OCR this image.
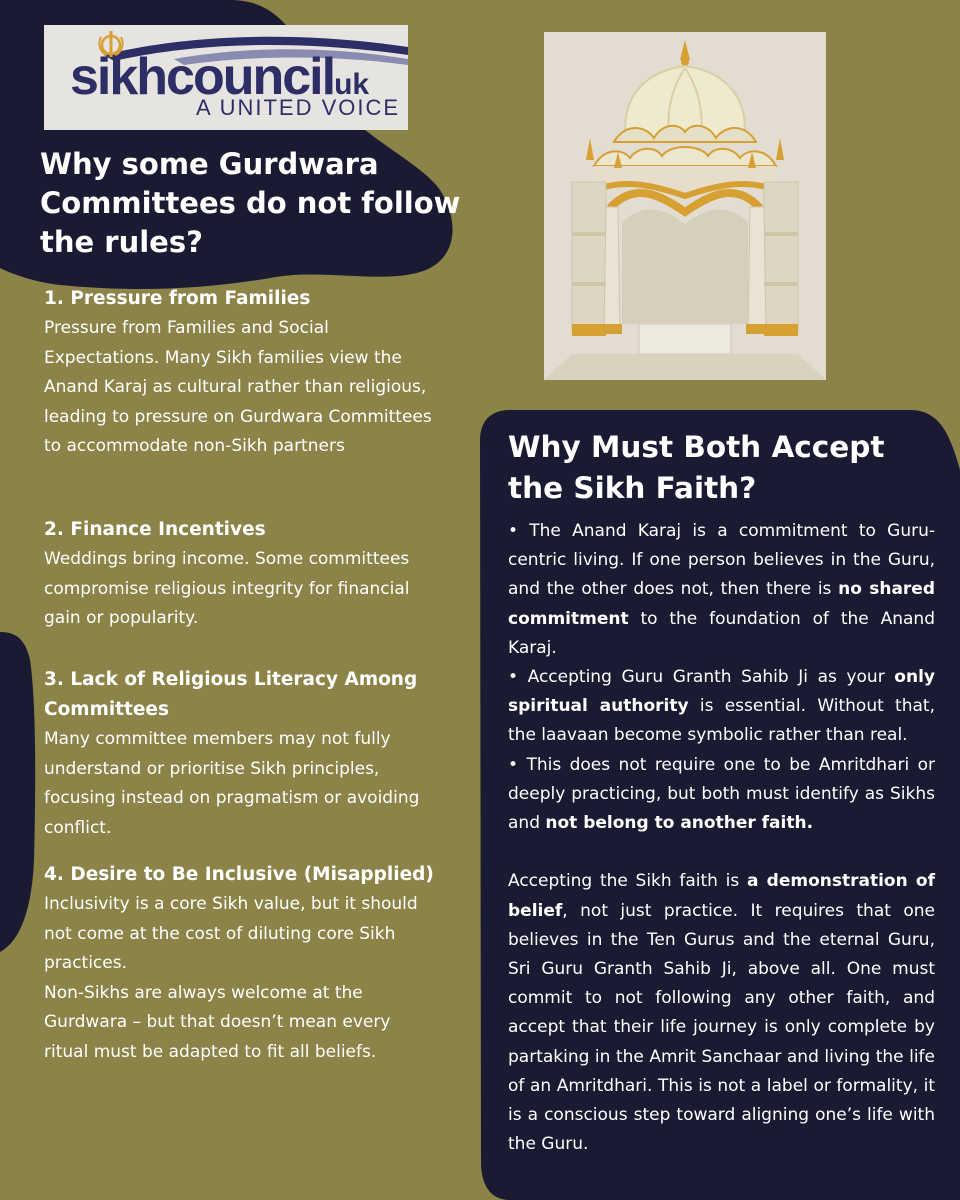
sikhcounciluk
A UNITED VOICE
Why some Gurdwara Committees do not follow the rules?
1. Pressure from Families

Pressure from Families and Social Expectations. Many Sikh families view the Anand Karaj as cultural rather than religious, leading to pressure on Gurdwara Committees to accommodate non-Sikh partners

2. Finance Incentives

Weddings bring income. Some committees compromise religious integrity for financial gain or popularity.

3. Lack of Religious Literacy Among Committees

Many committee members may not fully understand or prioritise Sikh principles, focusing instead on pragmatism or avoiding conflict.

4. Desire to Be Inclusive (Misapplied)

Inclusivity is a core Sikh value, but it should not come at the cost of diluting core Sikh practices.

Non-Sikhs are always welcome at the Gurdwara – but that doesn’t mean every ritual must be adapted to fit all beliefs.

Why Must Both Accept the Sikh Faith?

• The Anand Karaj is a commitment to Guru-centric living. If one person believes in the Guru, and the other does not, then there is no shared commitment to the foundation of the Anand Karaj.

• Accepting Guru Granth Sahib Ji as your only spiritual authority is essential. Without that, the laavaan become symbolic rather than real.

• This does not require one to be Amritdhari or deeply practicing, but both must identify as Sikhs and not belong to another faith.

Accepting the Sikh faith is a demonstration of belief, not just practice. It requires that one believes in the Ten Gurus and the eternal Guru, Sri Guru Granth Sahib Ji, above all. One must commit to not following any other faith, and accept that their life journey is only complete by partaking in the Amrit Sanchaar and living the life of an Amritdhari. This is not a label or formality, it is a conscious step toward aligning one’s life with the Guru.
